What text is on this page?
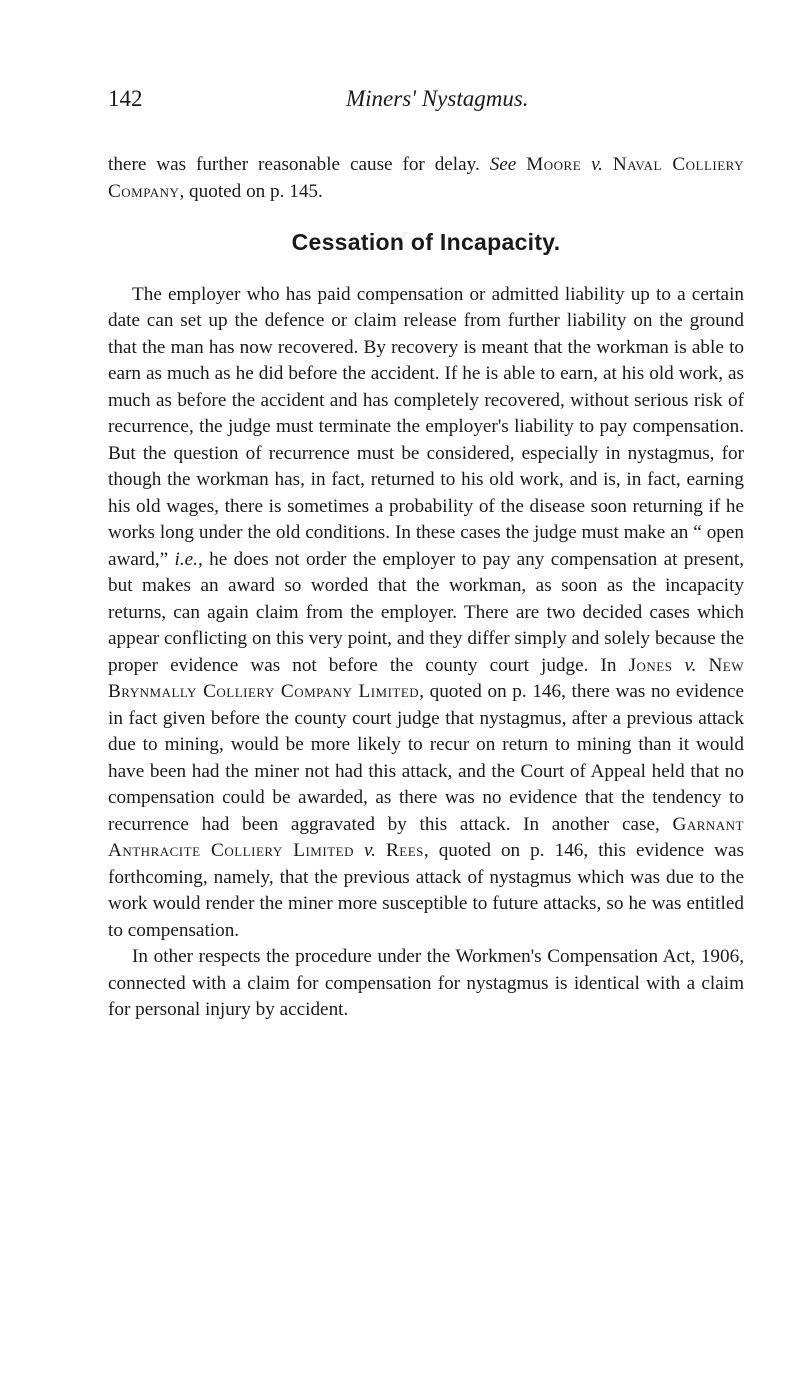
142	Miners' Nystagmus.

there was further reasonable cause for delay. See Moore v. Naval Colliery Company, quoted on p. 145.

Cessation of Incapacity.

The employer who has paid compensation or admitted liability up to a certain date can set up the defence or claim release from further liability on the ground that the man has now recovered. By recovery is meant that the workman is able to earn as much as he did before the accident. If he is able to earn, at his old work, as much as before the accident and has completely recovered, without serious risk of recurrence, the judge must terminate the employer's liability to pay compensation. But the question of recurrence must be considered, especially in nystagmus, for though the workman has, in fact, returned to his old work, and is, in fact, earning his old wages, there is sometimes a probability of the disease soon returning if he works long under the old conditions. In these cases the judge must make an “ open award,” i.e., he does not order the employer to pay any compensation at present, but makes an award so worded that the workman, as soon as the incapacity returns, can again claim from the employer. There are two decided cases which appear conflicting on this very point, and they differ simply and solely because the proper evidence was not before the county court judge. In Jones v. New Brynmally Colliery Company Limited, quoted on p. 146, there was no evidence in fact given before the county court judge that nystagmus, after a previous attack due to mining, would be more likely to recur on return to mining than it would have been had the miner not had this attack, and the Court of Appeal held that no compensation could be awarded, as there was no evidence that the tendency to recurrence had been aggravated by this attack. In another case, Garnant Anthracite Colliery Limited v. Rees, quoted on p. 146, this evidence was forthcoming, namely, that the previous attack of nystagmus which was due to the work would render the miner more susceptible to future attacks, so he was entitled to compensation.

In other respects the procedure under the Workmen's Compensation Act, 1906, connected with a claim for compensation for nystagmus is identical with a claim for personal injury by accident.
